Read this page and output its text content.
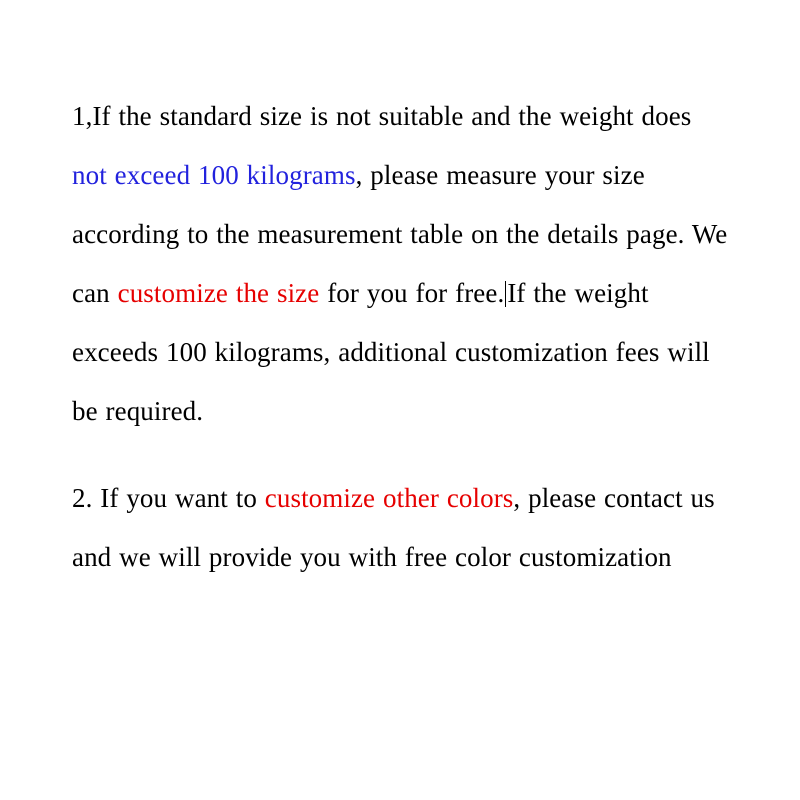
1,If the standard size is not suitable and the weight does not exceed 100 kilograms, please measure your size according to the measurement table on the details page. We can customize the size for you for free. If the weight exceeds 100 kilograms, additional customization fees will be required.

2. If you want to customize other colors, please contact us and we will provide you with free color customization
